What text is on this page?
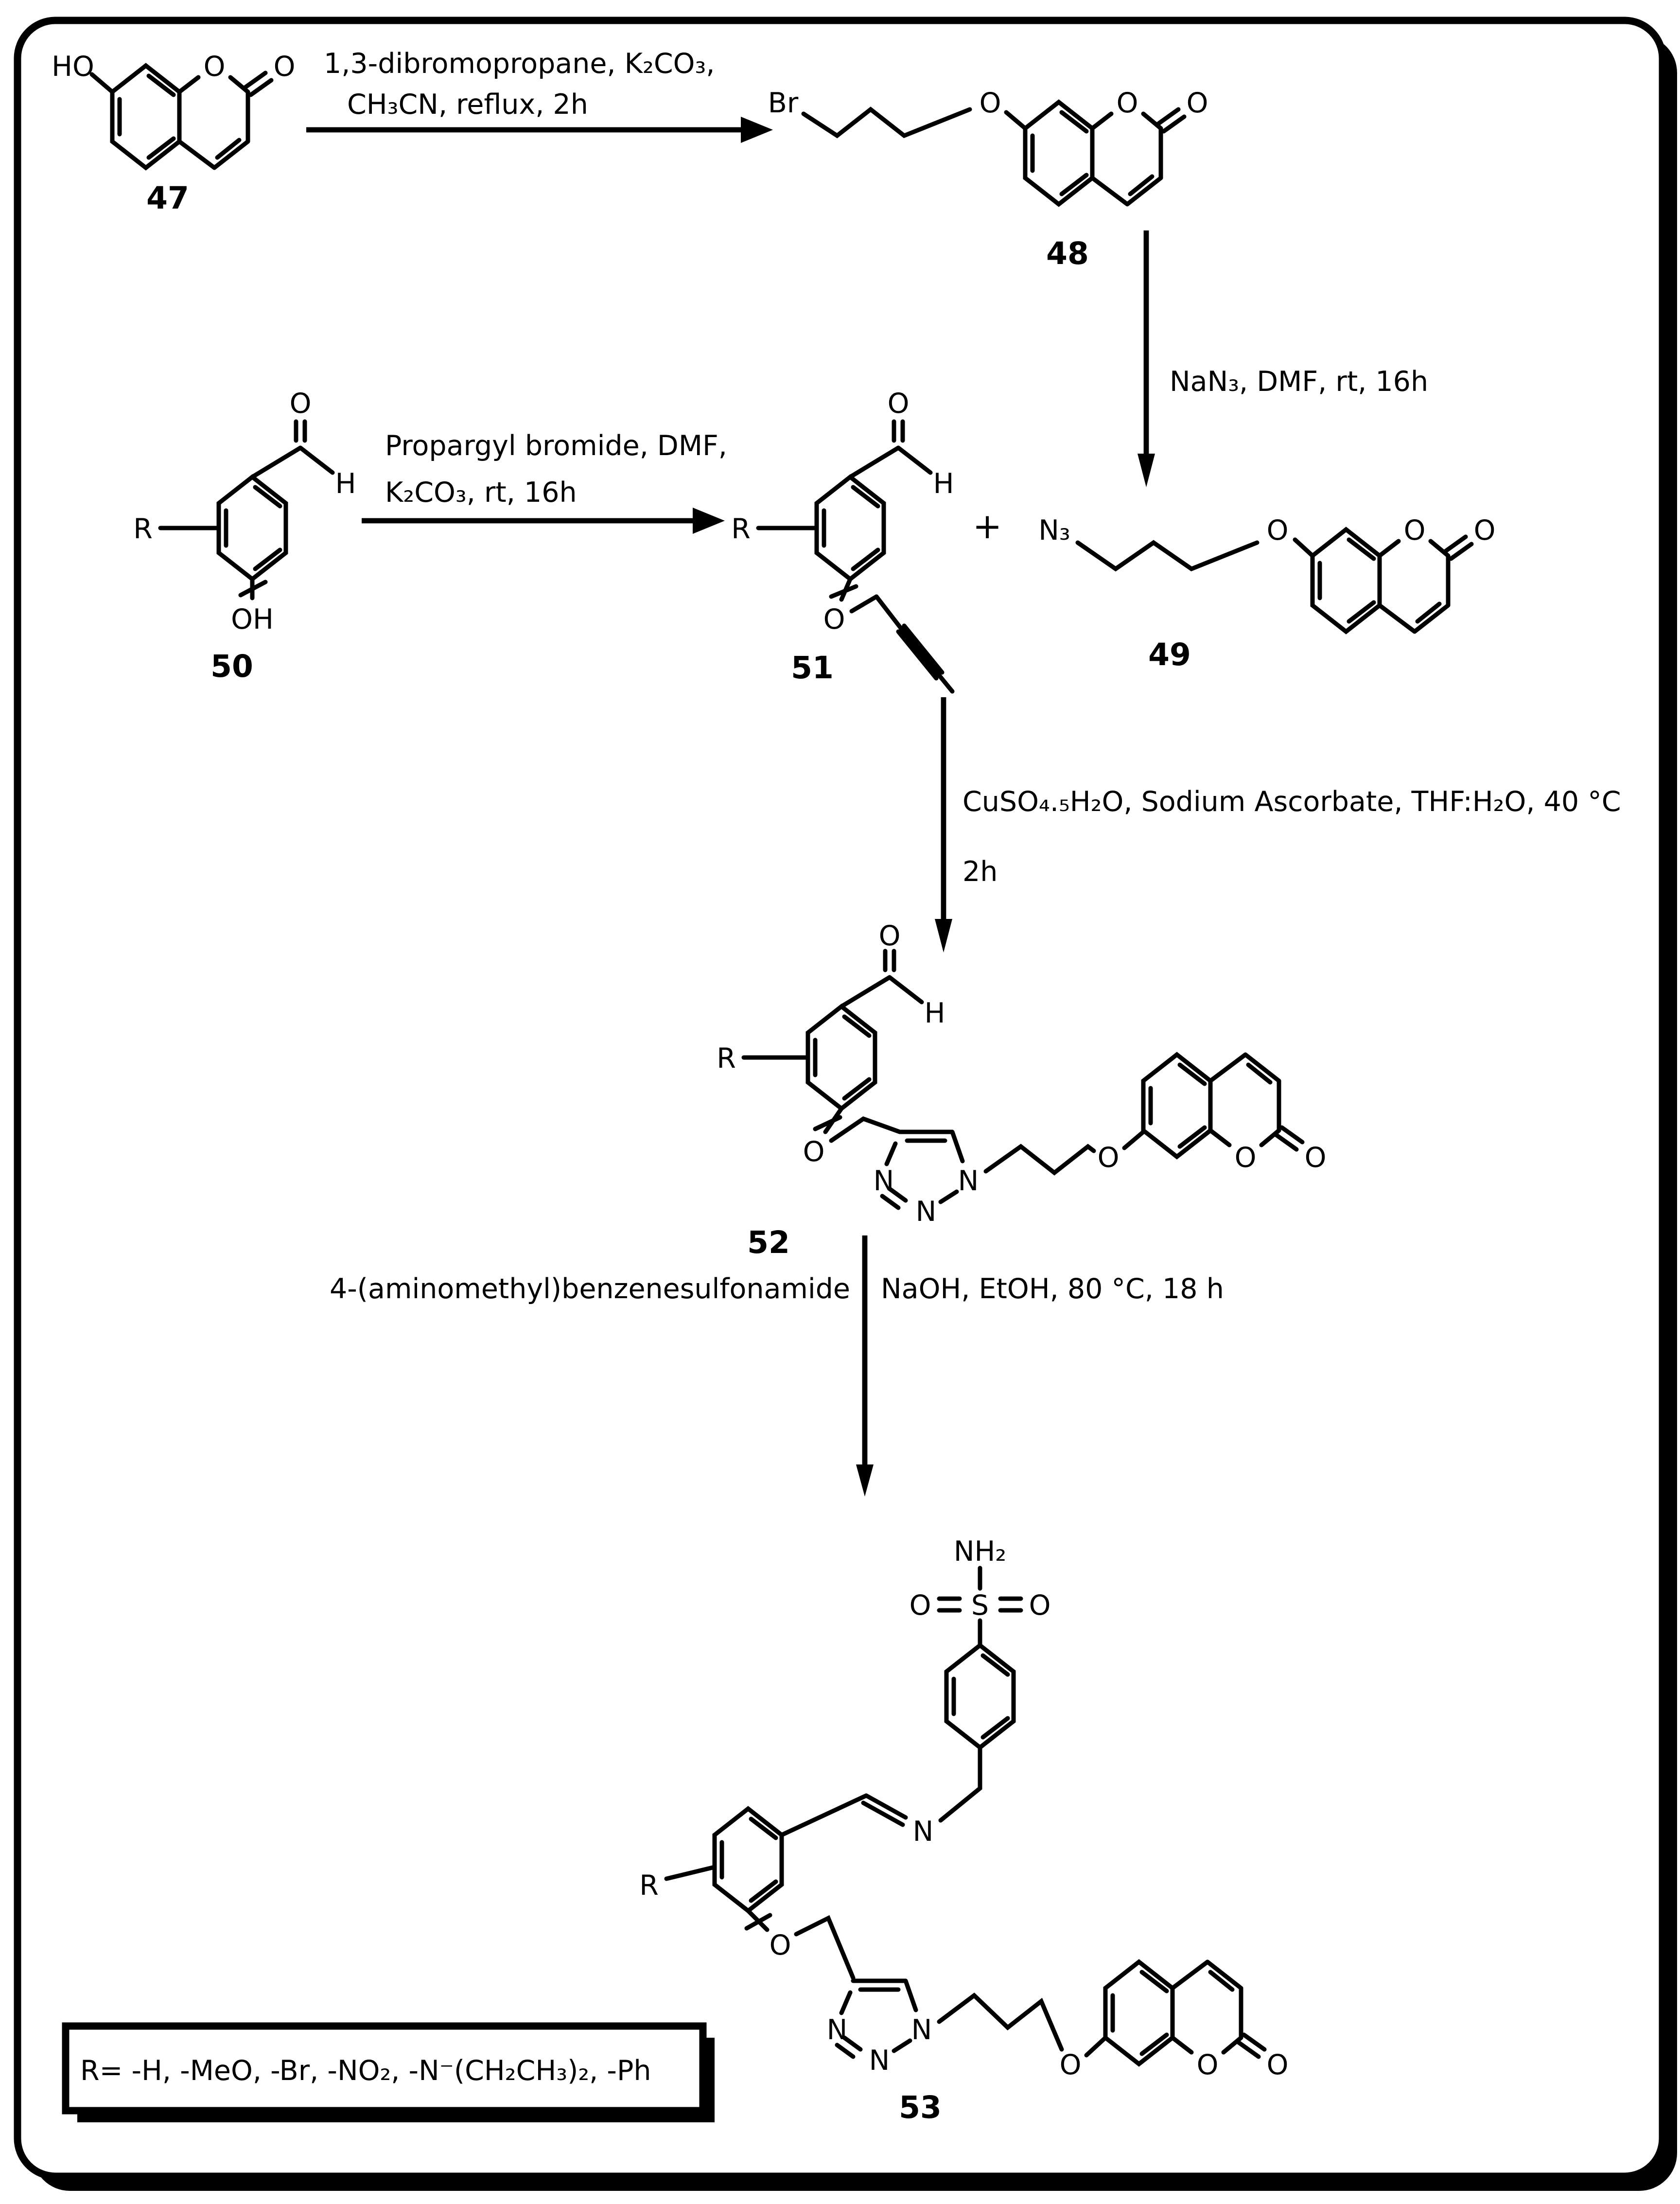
HO	O	O
47
1,3-dibromopropane, K₂CO₃,
CH₃CN, reflux, 2h	Br	O	O	O
48
NaN₃, DMF, rt, 16h
O
H
R
OH
50
Propargyl bromide, DMF,
K₂CO₃, rt, 16h
O
H
R
O
51
+	N₃	O	O	O
49
CuSO₄.₅H₂O, Sodium Ascorbate, THF:H₂O, 40 °C
2h
O
H
R
O
N
N
N
O	O	O
52
4-(aminomethyl)benzenesulfonamide	NaOH, EtOH, 80 °C, 18 h
NH₂
O	S	O
N
R
O
N
N
N
O	O	O
53
R= -H, -MeO, -Br, -NO₂, -N⁻(CH₂CH₃)₂, -Ph
